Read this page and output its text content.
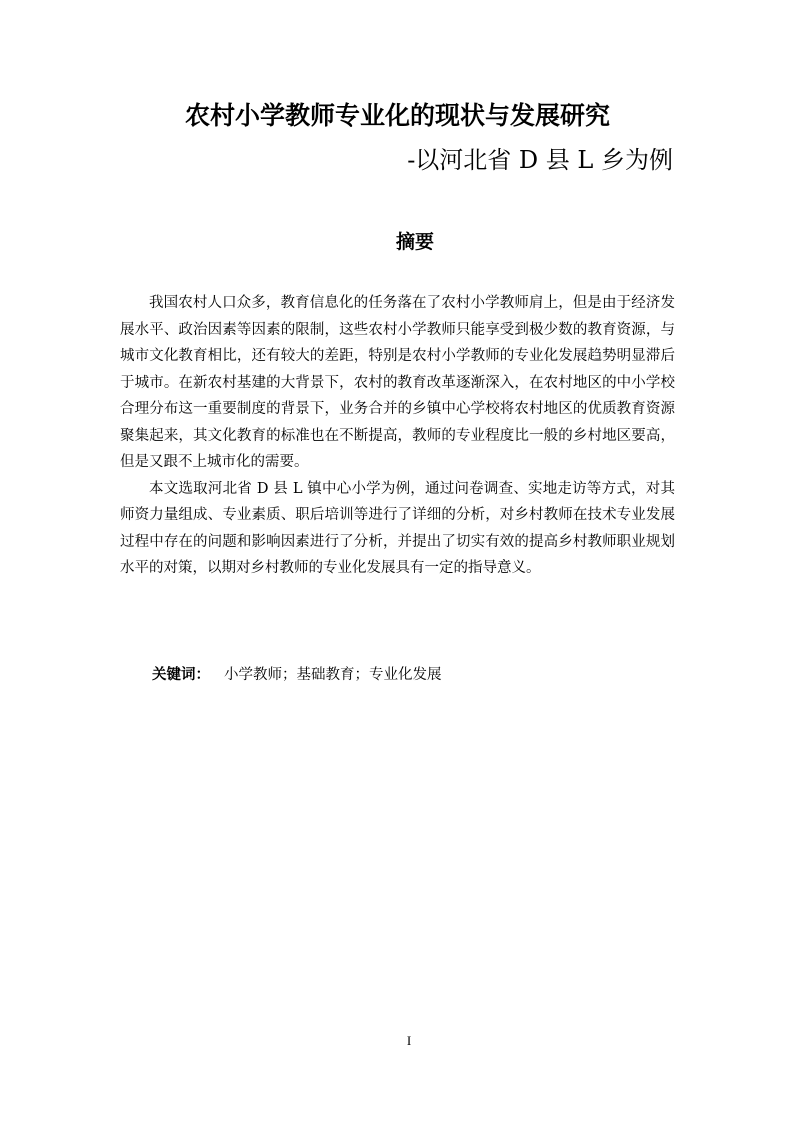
农村小学教师专业化的现状与发展研究
-以河北省 D 县 L 乡为例
摘要

我国农村人口众多，教育信息化的任务落在了农村小学教师肩上，但是由于经济发展水平、政治因素等因素的限制，这些农村小学教师只能享受到极少数的教育资源，与城市文化教育相比，还有较大的差距，特别是农村小学教师的专业化发展趋势明显滞后于城市。在新农村基建的大背景下，农村的教育改革逐渐深入，在农村地区的中小学校合理分布这一重要制度的背景下，业务合并的乡镇中心学校将农村地区的优质教育资源聚集起来，其文化教育的标准也在不断提高，教师的专业程度比一般的乡村地区要高，但是又跟不上城市化的需要。

本文选取河北省 D 县 L 镇中心小学为例，通过问卷调查、实地走访等方式，对其师资力量组成、专业素质、职后培训等进行了详细的分析，对乡村教师在技术专业发展过程中存在的问题和影响因素进行了分析，并提出了切实有效的提高乡村教师职业规划水平的对策，以期对乡村教师的专业化发展具有一定的指导意义。

关键词： 小学教师；基础教育；专业化发展
I
